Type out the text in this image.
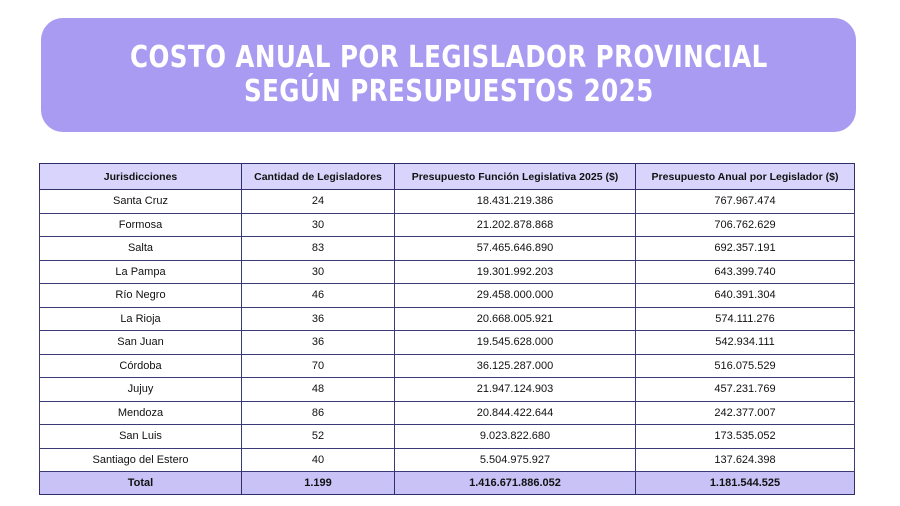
COSTO ANUAL POR LEGISLADOR PROVINCIAL
SEGÚN PRESUPUESTOS 2025
Jurisdicciones	Cantidad de Legisladores	Presupuesto Función Legislativa 2025 ($)	Presupuesto Anual por Legislador ($)
Santa Cruz	24	18.431.219.386	767.967.474
Formosa	30	21.202.878.868	706.762.629
Salta	83	57.465.646.890	692.357.191
La Pampa	30	19.301.992.203	643.399.740
Río Negro	46	29.458.000.000	640.391.304
La Rioja	36	20.668.005.921	574.111.276
San Juan	36	19.545.628.000	542.934.111
Córdoba	70	36.125.287.000	516.075.529
Jujuy	48	21.947.124.903	457.231.769
Mendoza	86	20.844.422.644	242.377.007
San Luis	52	9.023.822.680	173.535.052
Santiago del Estero	40	5.504.975.927	137.624.398
Total	1.199	1.416.671.886.052	1.181.544.525
